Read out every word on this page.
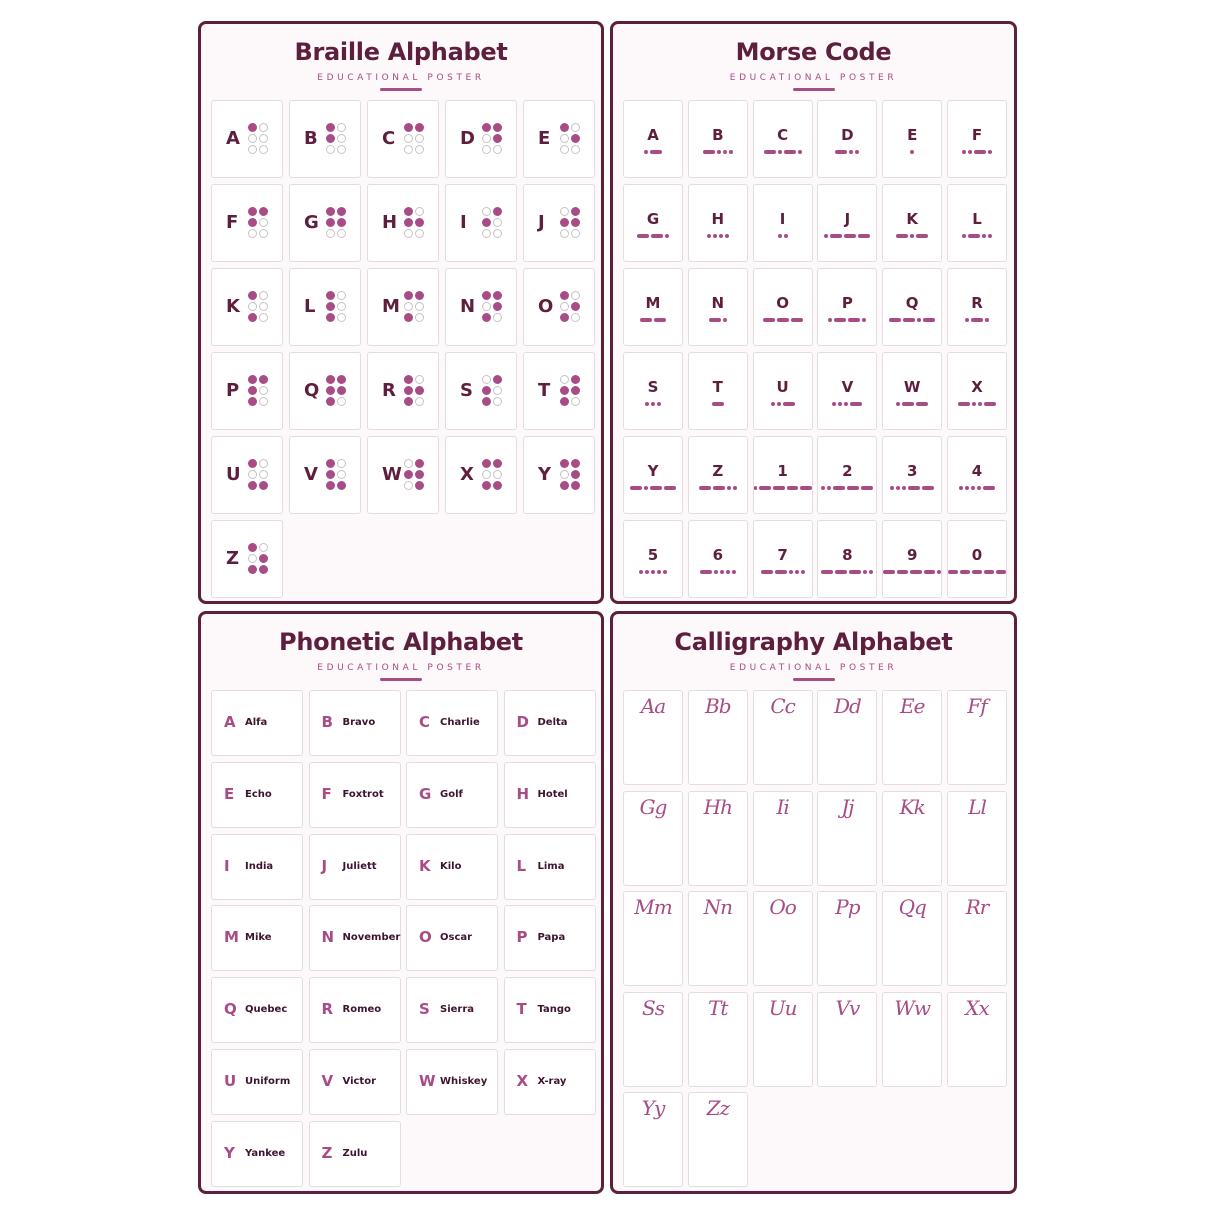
Braille Alphabet
EDUCATIONAL POSTER
A	B	C	D	E
F	G	H	I	J
K	L	M	N	O
P	Q	R	S	T
U	V	W	X	Y
Z
Morse Code
EDUCATIONAL POSTER
A	B	C	D	E	F
G	H	I	J	K	L
M	N	O	P	Q	R
S	T	U	V	W	X
Y	Z	1	2	3	4
5	6	7	8	9	0
Phonetic Alphabet
EDUCATIONAL POSTER
A Alfa	B Bravo	C Charlie D Delta
E Echo	F Foxtrot G Golf	H Hotel
I India	J Juliett	K Kilo	L Lima
M Mike	N November O Oscar	P Papa
Q Quebec R Romeo	S Sierra	T Tango
U Uniform V Victor	W Whiskey X X-ray
Y Yankee Z Zulu
Calligraphy Alphabet
EDUCATIONAL POSTER
Aa	Bb	Cc	Dd	Ee	Ff
Gg	Hh	Ii	Jj	Kk	Ll
Mm	Nn	Oo	Pp	Qq	Rr
Ss	Tt	Uu	Vv	Ww	Xx
Yy	Zz
